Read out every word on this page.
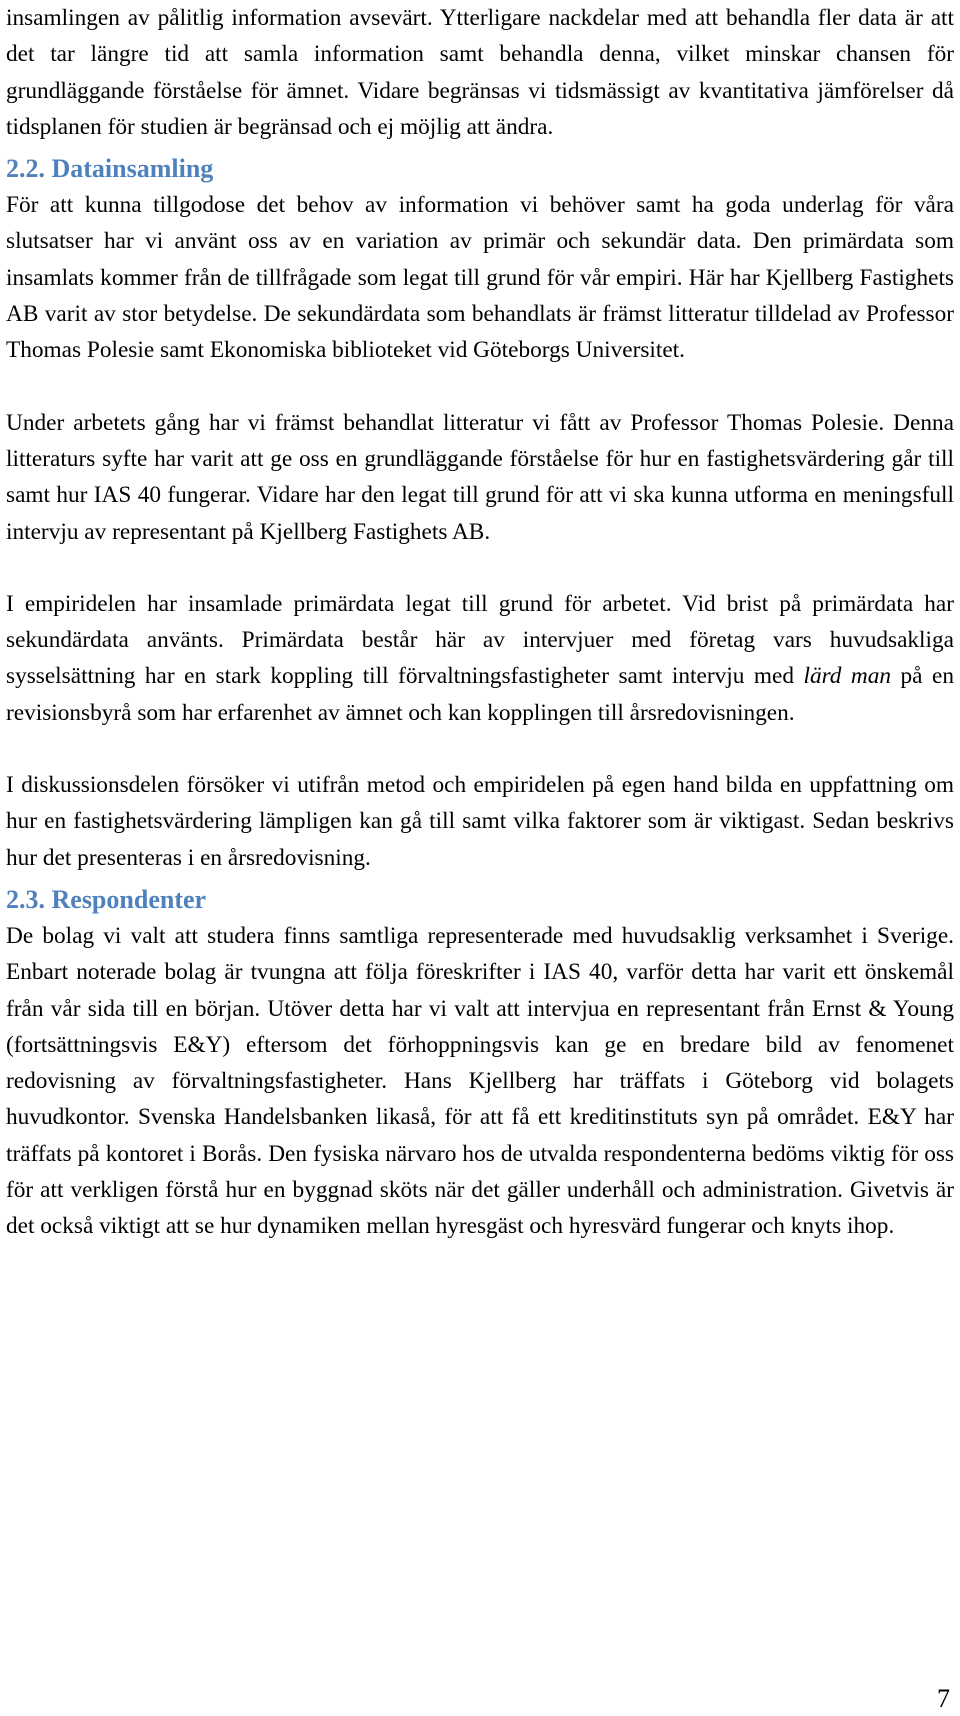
insamlingen av pålitlig information avsevärt. Ytterligare nackdelar med att behandla fler data är att det tar längre tid att samla information samt behandla denna, vilket minskar chansen för grundläggande förståelse för ämnet. Vidare begränsas vi tidsmässigt av kvantitativa jämförelser då tidsplanen för studien är begränsad och ej möjlig att ändra.

2.2. Datainsamling

För att kunna tillgodose det behov av information vi behöver samt ha goda underlag för våra slutsatser har vi använt oss av en variation av primär och sekundär data. Den primärdata som insamlats kommer från de tillfrågade som legat till grund för vår empiri. Här har Kjellberg Fastighets AB varit av stor betydelse. De sekundärdata som behandlats är främst litteratur tilldelad av Professor Thomas Polesie samt Ekonomiska biblioteket vid Göteborgs Universitet.

Under arbetets gång har vi främst behandlat litteratur vi fått av Professor Thomas Polesie. Denna litteraturs syfte har varit att ge oss en grundläggande förståelse för hur en fastighetsvärdering går till samt hur IAS 40 fungerar. Vidare har den legat till grund för att vi ska kunna utforma en meningsfull intervju av representant på Kjellberg Fastighets AB.

I empiridelen har insamlade primärdata legat till grund för arbetet. Vid brist på primärdata har sekundärdata använts. Primärdata består här av intervjuer med företag vars huvudsakliga sysselsättning har en stark koppling till förvaltningsfastigheter samt intervju med lärd man på en revisionsbyrå som har erfarenhet av ämnet och kan kopplingen till årsredovisningen.

I diskussionsdelen försöker vi utifrån metod och empiridelen på egen hand bilda en uppfattning om hur en fastighetsvärdering lämpligen kan gå till samt vilka faktorer som är viktigast. Sedan beskrivs hur det presenteras i en årsredovisning.

2.3. Respondenter

De bolag vi valt att studera finns samtliga representerade med huvudsaklig verksamhet i Sverige. Enbart noterade bolag är tvungna att följa föreskrifter i IAS 40, varför detta har varit ett önskemål från vår sida till en början. Utöver detta har vi valt att intervjua en representant från Ernst & Young (fortsättningsvis E&Y) eftersom det förhoppningsvis kan ge en bredare bild av fenomenet redovisning av förvaltningsfastigheter. Hans Kjellberg har träffats i Göteborg vid bolagets huvudkontor. Svenska Handelsbanken likaså, för att få ett kreditinstituts syn på området. E&Y har träffats på kontoret i Borås. Den fysiska närvaro hos de utvalda respondenterna bedöms viktig för oss för att verkligen förstå hur en byggnad sköts när det gäller underhåll och administration. Givetvis är det också viktigt att se hur dynamiken mellan hyresgäst och hyresvärd fungerar och knyts ihop.

7
